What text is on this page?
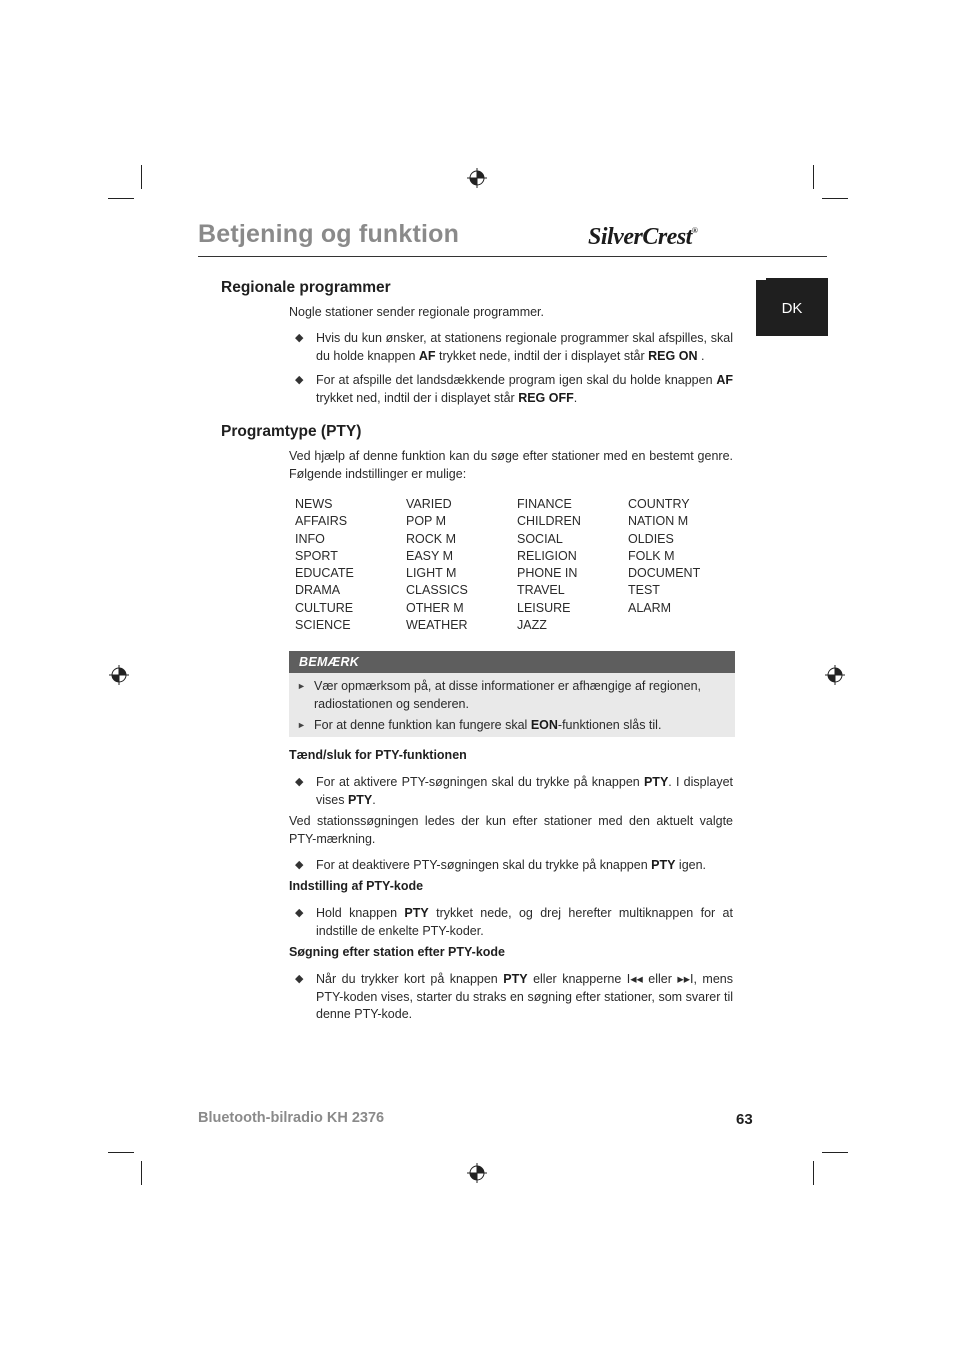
Betjening og funktion	SilverCrest®
DK
Regionale programmer
Nogle stationer sender regionale programmer.
◆	Hvis du kun ønsker, at stationens regionale programmer skal afspilles, skal du holde knappen AF trykket nede, indtil der i displayet står REG ON .
◆	For at afspille det landsdækkende program igen skal du holde knappen AF trykket ned, indtil der i displayet står REG OFF.
Programtype (PTY)
Ved hjælp af denne funktion kan du søge efter stationer med en bestemt genre. Følgende indstillinger er mulige:
NEWS	VARIED	FINANCE	COUNTRY
AFFAIRS	POP M	CHILDREN	NATION M
INFO	ROCK M	SOCIAL	OLDIES
SPORT	EASY M	RELIGION	FOLK M
EDUCATE	LIGHT M	PHONE IN	DOCUMENT
DRAMA	CLASSICS	TRAVEL	TEST
CULTURE	OTHER M	LEISURE	ALARM
SCIENCE	WEATHER	JAZZ
BEMÆRK
► Vær opmærksom på, at disse informationer er afhængige af regionen, radiostationen og senderen.
► For at denne funktion kan fungere skal EON-funktionen slås til.
Tænd/sluk for PTY-funktionen
◆	For at aktivere PTY-søgningen skal du trykke på knappen PTY. I displayet vises PTY.
Ved stationssøgningen ledes der kun efter stationer med den aktuelt valgte PTY-mærkning.
◆	For at deaktivere PTY-søgningen skal du trykke på knappen PTY igen.
Indstilling af PTY-kode
◆	Hold knappen PTY trykket nede, og drej herefter multiknappen for at indstille de enkelte PTY-koder.
Søgning efter station efter PTY-kode
◆	Når du trykker kort på knappen PTY eller knapperne I◂◂ eller ▸▸I, mens PTY-koden vises, starter du straks en søgning efter stationer, som svarer til denne PTY-kode.
Bluetooth-bilradio KH 2376	63
